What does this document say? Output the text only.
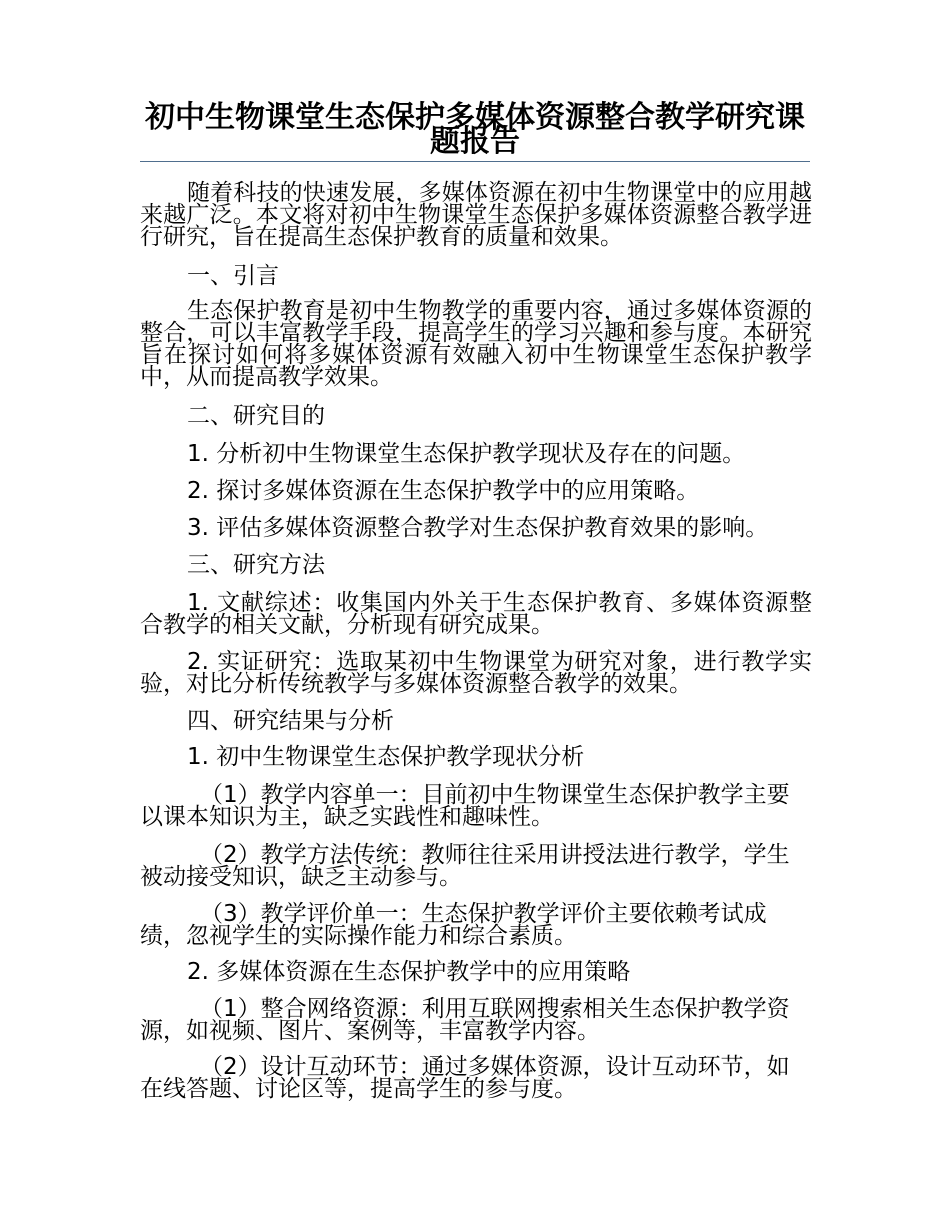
初中生物课堂生态保护多媒体资源整合教学研究课题报告

随着科技的快速发展，多媒体资源在初中生物课堂中的应用越来越广泛。本文将对初中生物课堂生态保护多媒体资源整合教学进行研究，旨在提高生态保护教育的质量和效果。

一、引言

生态保护教育是初中生物教学的重要内容，通过多媒体资源的整合，可以丰富教学手段，提高学生的学习兴趣和参与度。本研究旨在探讨如何将多媒体资源有效融入初中生物课堂生态保护教学中，从而提高教学效果。

二、研究目的

1. 分析初中生物课堂生态保护教学现状及存在的问题。

2. 探讨多媒体资源在生态保护教学中的应用策略。

3. 评估多媒体资源整合教学对生态保护教育效果的影响。

三、研究方法

1. 文献综述：收集国内外关于生态保护教育、多媒体资源整合教学的相关文献，分析现有研究成果。

2. 实证研究：选取某初中生物课堂为研究对象，进行教学实验，对比分析传统教学与多媒体资源整合教学的效果。

四、研究结果与分析

1. 初中生物课堂生态保护教学现状分析

（1）教学内容单一：目前初中生物课堂生态保护教学主要以课本知识为主，缺乏实践性和趣味性。

（2）教学方法传统：教师往往采用讲授法进行教学，学生被动接受知识，缺乏主动参与。

（3）教学评价单一：生态保护教学评价主要依赖考试成绩，忽视学生的实际操作能力和综合素质。

2. 多媒体资源在生态保护教学中的应用策略

（1）整合网络资源：利用互联网搜索相关生态保护教学资源，如视频、图片、案例等，丰富教学内容。

（2）设计互动环节：通过多媒体资源，设计互动环节，如在线答题、讨论区等，提高学生的参与度。
